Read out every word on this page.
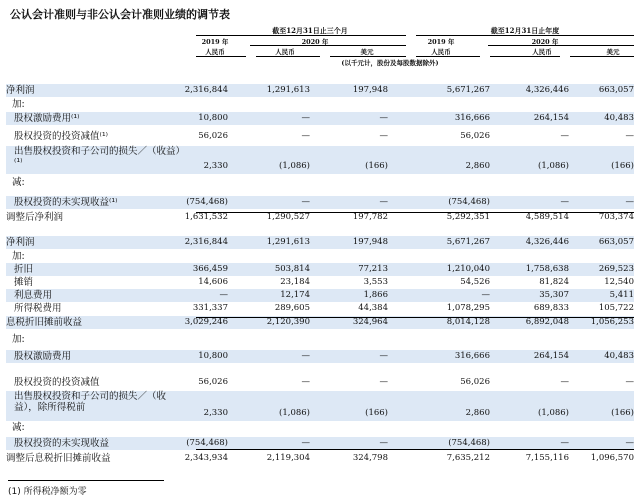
公认会计准则与非公认会计准则业绩的调节表
截至12月31日止三个月	截至12月31日止年度
2019 年	2020 年	2019 年	2020 年
人民币	人民币	美元	人民币	人民币	美元
(以千元计，股份及每股数据除外)
净利润	2,316,844	1,291,613	197,948	5,671,267	4,326,446	663,057
加:
股权激励费用⁽¹⁾	10,800	—	—	316,666	264,154	40,483
股权投资的投资减值⁽¹⁾	56,026	—	—	56,026	—	—
出售股权投资和子公司的损失／（收益）⁽¹⁾	2,330	(1,086)	(166)	2,860	(1,086)	(166)
减:
股权投资的未实现收益⁽¹⁾	(754,468)	—	—	(754,468)	—	—
调整后净利润	1,631,532	1,290,527	197,782	5,292,351	4,589,514	703,374
净利润	2,316,844	1,291,613	197,948	5,671,267	4,326,446	663,057
加:
折旧	366,459	503,814	77,213	1,210,040	1,758,638	269,523
摊销	14,606	23,184	3,553	54,526	81,824	12,540
利息费用	—	12,174	1,866	—	35,307	5,411
所得税费用	331,337	289,605	44,384	1,078,295	689,833	105,722
息税折旧摊前收益	3,029,246	2,120,390	324,964	8,014,128	6,892,048	1,056,253
加:
股权激励费用	10,800	—	—	316,666	264,154	40,483
股权投资的投资减值	56,026	—	—	56,026	—	—
出售股权投资和子公司的损失／（收益），除所得税前	2,330	(1,086)	(166)	2,860	(1,086)	(166)
减:
股权投资的未实现收益	(754,468)	—	—	(754,468)	—	—
调整后息税折旧摊前收益	2,343,934	2,119,304	324,798	7,635,212	7,155,116	1,096,570
(1) 所得税净额为零
